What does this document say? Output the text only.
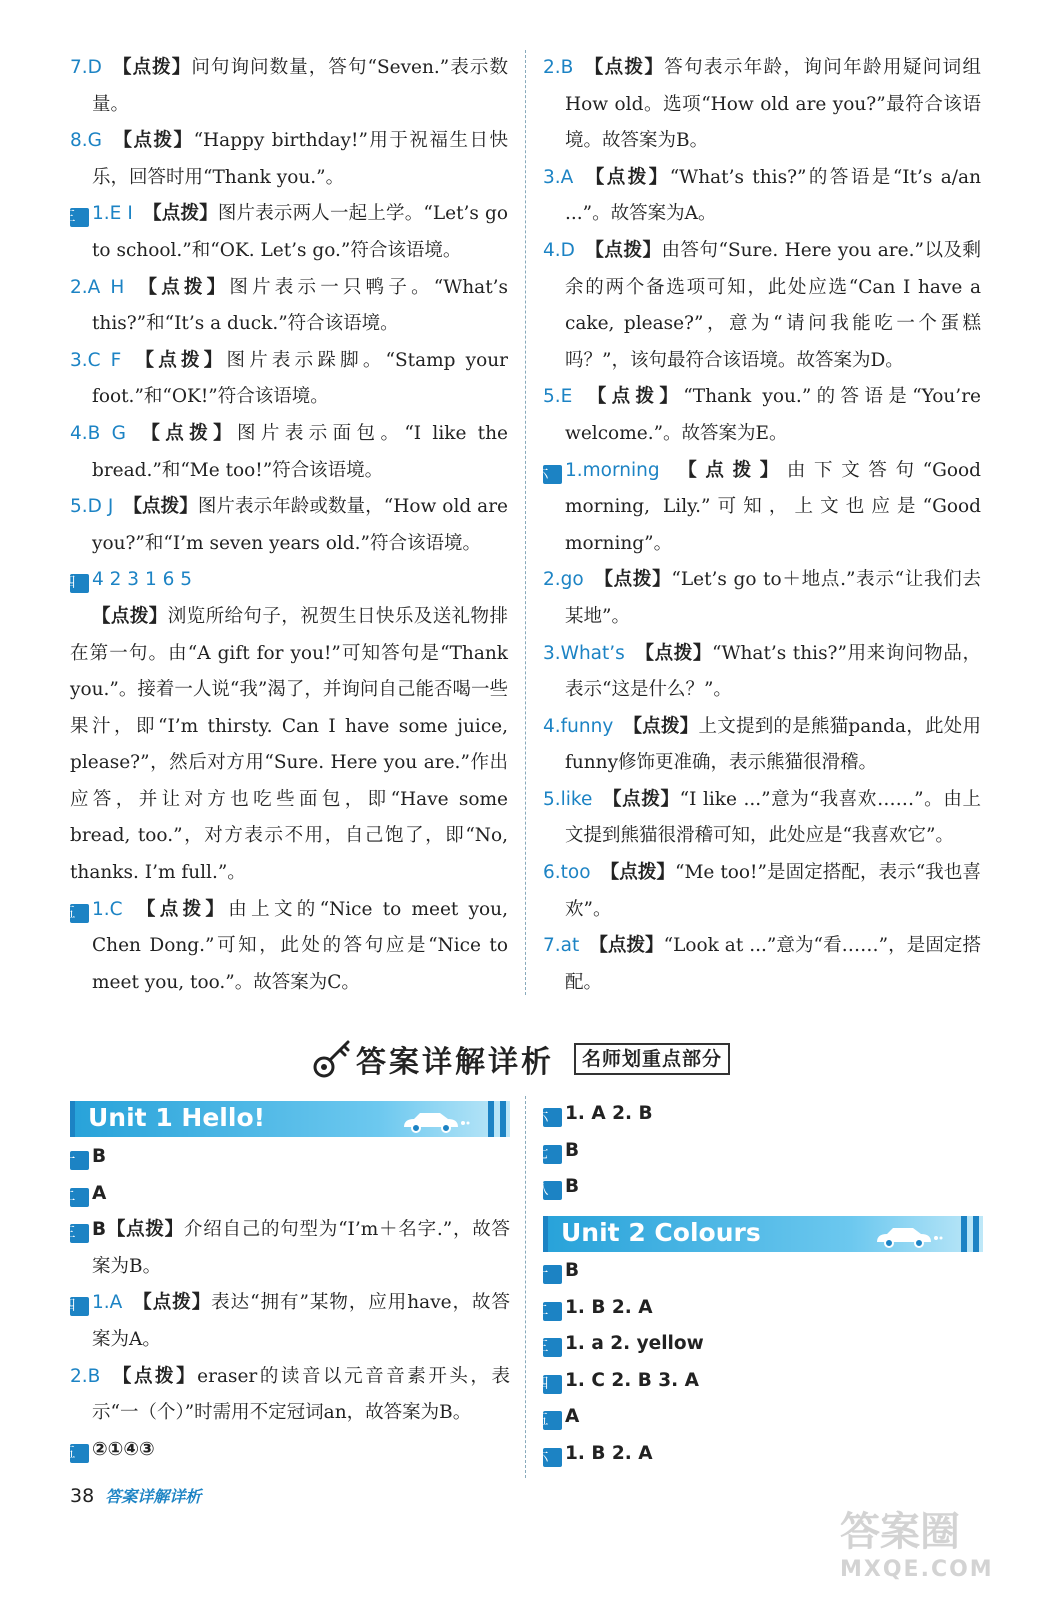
7.D 【点拨】问句询问数量，答句“Seven.”表示数量。
8.G 【点拨】“Happy birthday!”用于祝福生日快乐，回答时用“Thank you.”。
三 1.E I 【点拨】图片表示两人一起上学。“Let’s go to school.”和“OK. Let’s go.”符合该语境。
2.A H 【点拨】图片表示一只鸭子。“What’s this?”和“It’s a duck.”符合该语境。
3.C F 【点拨】图片表示跺脚。“Stamp your foot.”和“OK!”符合该语境。
4.B G 【点拨】图片表示面包。“I like the bread.”和“Me too!”符合该语境。
5.D J 【点拨】图片表示年龄或数量，“How old are you?”和“I’m seven years old.”符合该语境。
四 4 2 3 1 6 5
【点拨】浏览所给句子，祝贺生日快乐及送礼物排在第一句。由“A gift for you!”可知答句是“Thank you.”。接着一人说“我”渴了，并询问自己能否喝一些果汁，即“I’m thirsty. Can I have some juice, please?”，然后对方用“Sure. Here you are.”作出应答，并让对方也吃些面包，即“Have some bread, too.”，对方表示不用，自己饱了，即“No, thanks. I’m full.”。
五 1.C 【点拨】由上文的“Nice to meet you, Chen Dong.”可知，此处的答句应是“Nice to meet you, too.”。故答案为C。
2.B 【点拨】答句表示年龄，询问年龄用疑问词组How old。选项“How old are you?”最符合该语境。故答案为B。
3.A 【点拨】“What’s this?”的答语是“It’s a/an ...”。故答案为A。
4.D 【点拨】由答句“Sure. Here you are.”以及剩余的两个备选项可知，此处应选“Can I have a cake, please?”，意为“请问我能吃一个蛋糕吗？”，该句最符合该语境。故答案为D。
5.E 【点拨】“Thank you.”的答语是“You’re welcome.”。故答案为E。
六 1.morning 【点拨】由下文答句“Good morning, Lily.”可知，上文也应是“Good morning”。
2.go 【点拨】“Let’s go to＋地点.”表示“让我们去某地”。
3.What’s 【点拨】“What’s this?”用来询问物品，表示“这是什么？”。
4.funny 【点拨】上文提到的是熊猫panda，此处用funny修饰更准确，表示熊猫很滑稽。
5.like 【点拨】“I like ...”意为“我喜欢……”。由上文提到熊猫很滑稽可知，此处应是“我喜欢它”。
6.too 【点拨】“Me too!”是固定搭配，表示“我也喜欢”。
7.at 【点拨】“Look at ...”意为“看……”，是固定搭配。
答案详解详析	名师划重点部分
Unit 1 Hello!
一 B
二 A
三 B【点拨】介绍自己的句型为“I’m＋名字.”，故答案为B。
四 1.A 【点拨】表达“拥有”某物，应用have，故答案为A。
2.B 【点拨】eraser的读音以元音音素开头，表示“一（个）”时需用不定冠词an，故答案为B。
五 ②①④③
六 1. A 2. B
七 B
八 B
Unit 2 Colours
一 B
二 1. B 2. A
三 1. a 2. yellow
四 1. C 2. B 3. A
五 A
六 1. B 2. A
38 答案详解详析
答案圈
MXQE.COM
